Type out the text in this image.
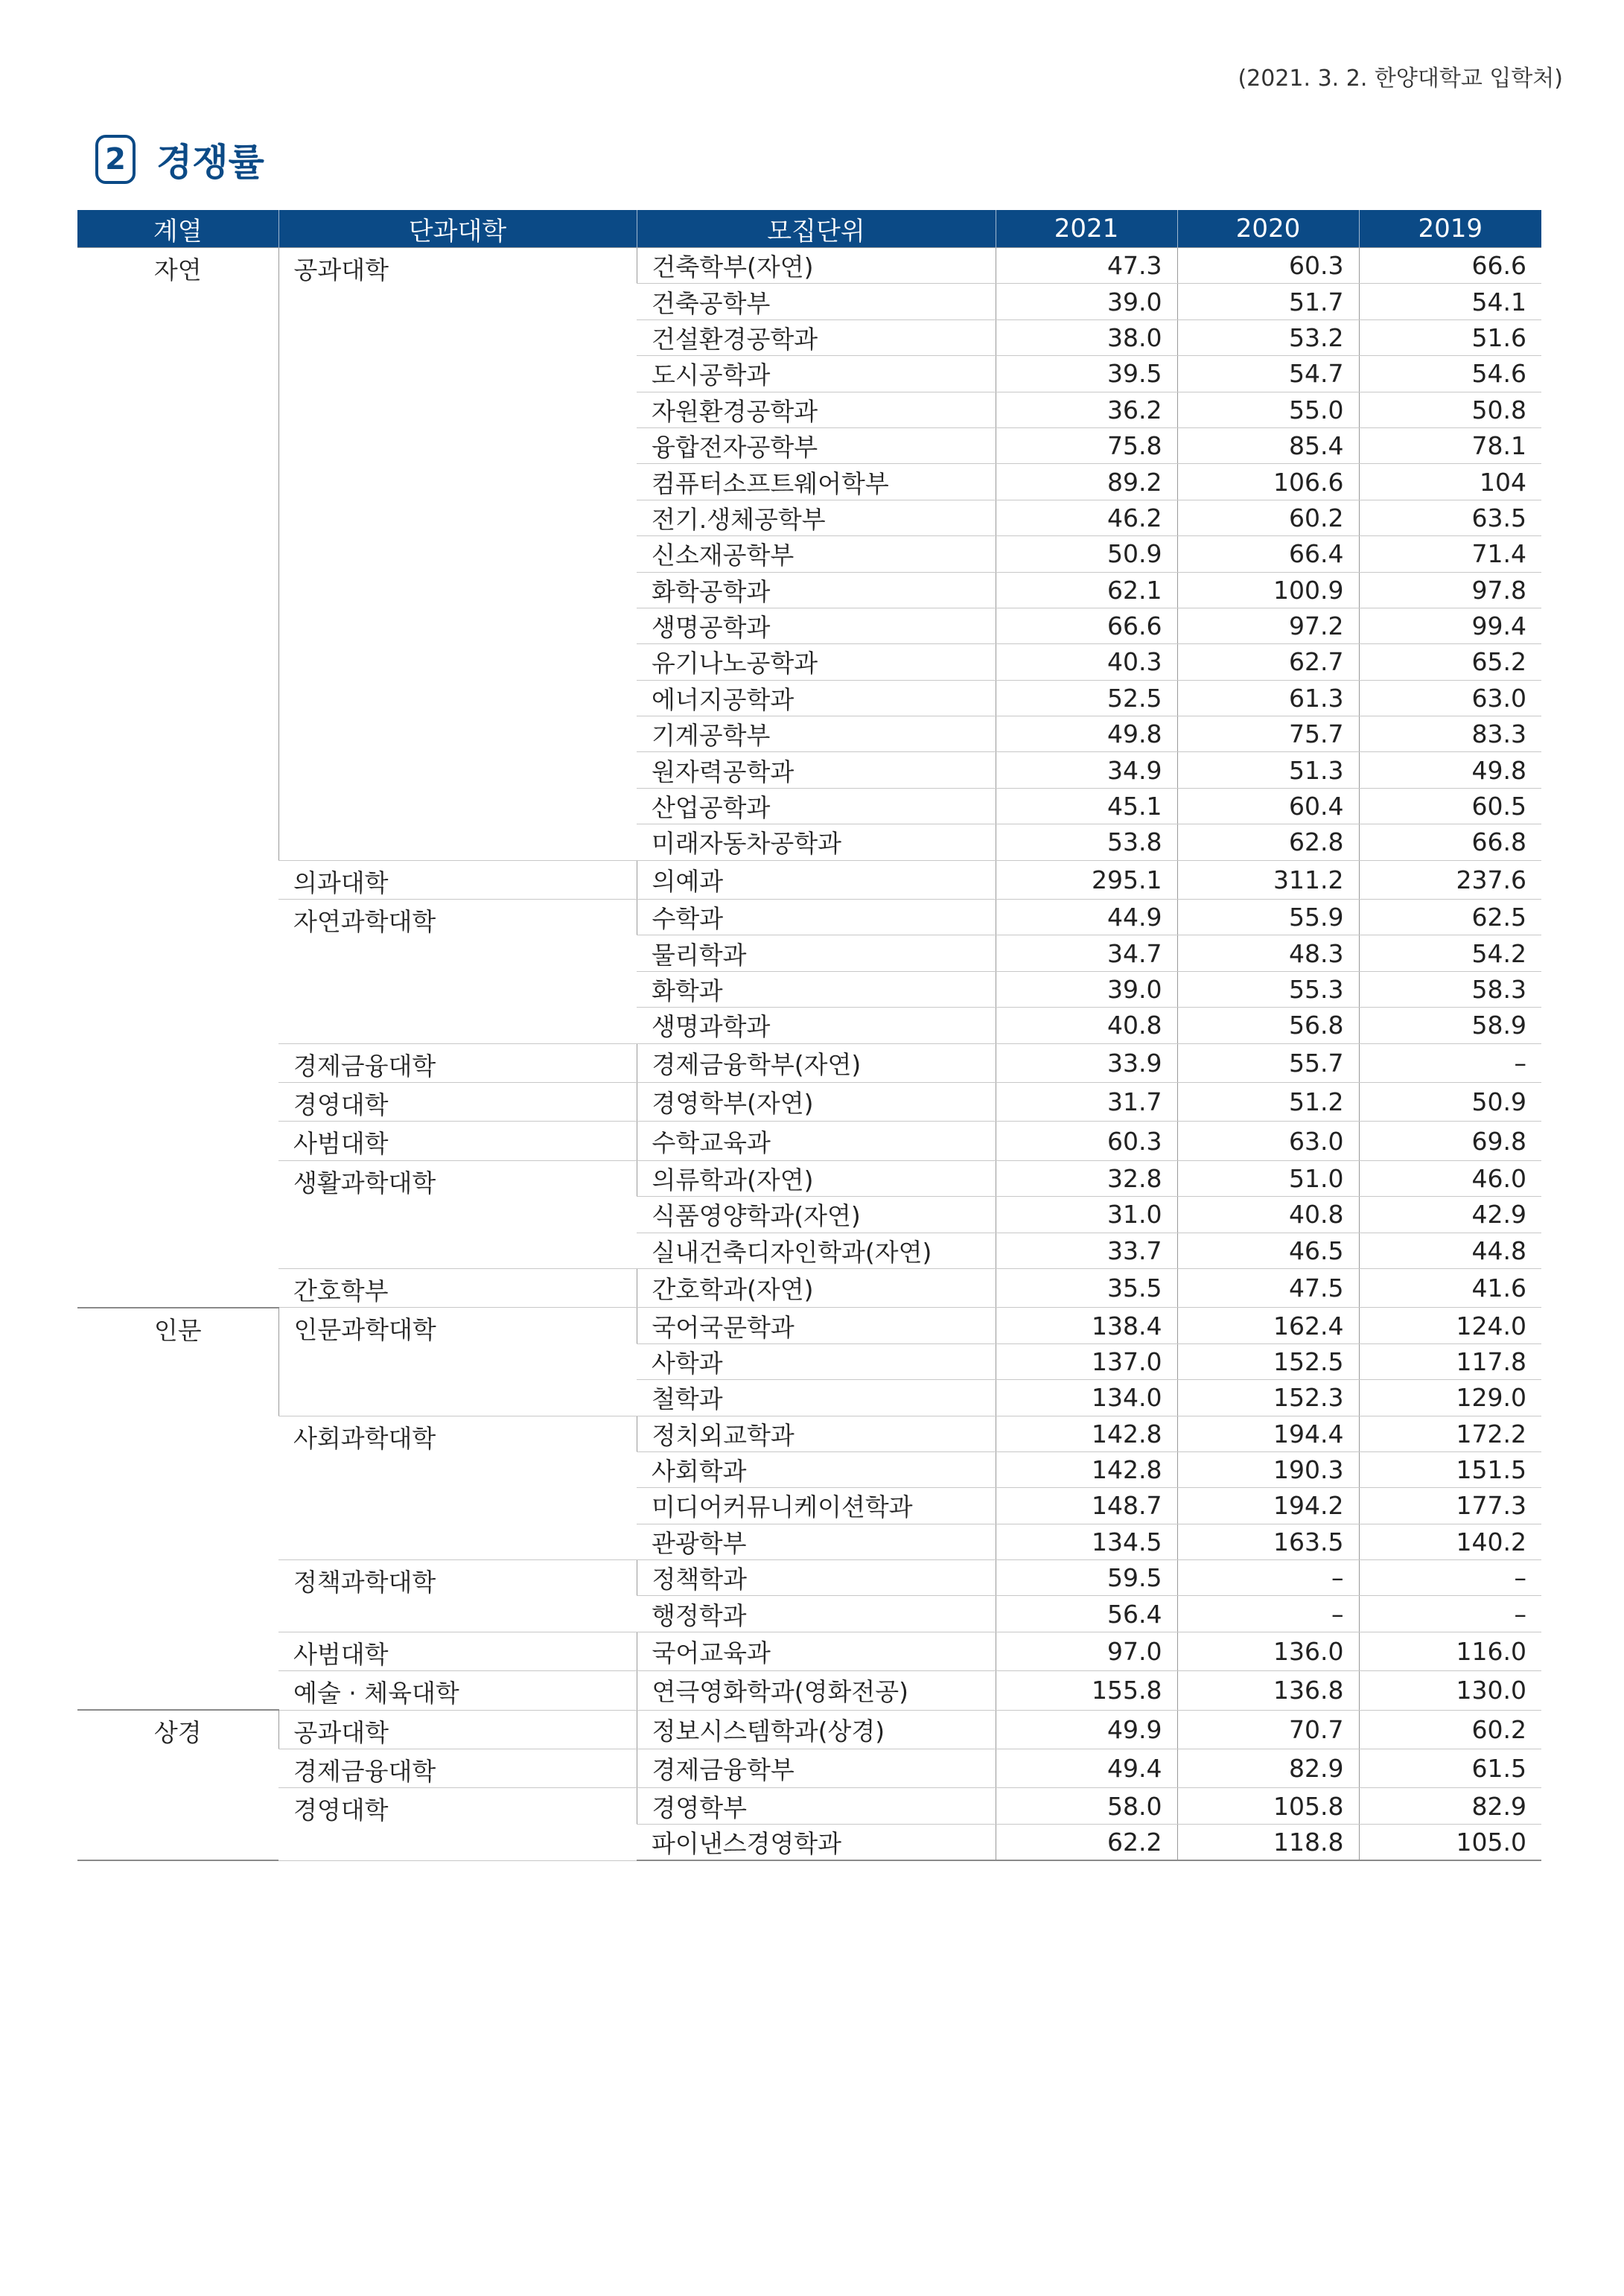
(2021. 3. 2. 한양대학교 입학처)
2 경쟁률
계열	단과대학	모집단위	2021	2020	2019
자연	공과대학	건축학부(자연)	47.3	60.3	66.6
		건축공학부	39.0	51.7	54.1
		건설환경공학과	38.0	53.2	51.6
		도시공학과	39.5	54.7	54.6
		자원환경공학과	36.2	55.0	50.8
		융합전자공학부	75.8	85.4	78.1
		컴퓨터소프트웨어학부	89.2	106.6	104
		전기.생체공학부	46.2	60.2	63.5
		신소재공학부	50.9	66.4	71.4
		화학공학과	62.1	100.9	97.8
		생명공학과	66.6	97.2	99.4
		유기나노공학과	40.3	62.7	65.2
		에너지공학과	52.5	61.3	63.0
		기계공학부	49.8	75.7	83.3
		원자력공학과	34.9	51.3	49.8
		산업공학과	45.1	60.4	60.5
		미래자동차공학과	53.8	62.8	66.8
	의과대학	의예과	295.1	311.2	237.6
	자연과학대학	수학과	44.9	55.9	62.5
		물리학과	34.7	48.3	54.2
		화학과	39.0	55.3	58.3
		생명과학과	40.8	56.8	58.9
	경제금융대학	경제금융학부(자연)	33.9	55.7	–
	경영대학	경영학부(자연)	31.7	51.2	50.9
	사범대학	수학교육과	60.3	63.0	69.8
	생활과학대학	의류학과(자연)	32.8	51.0	46.0
		식품영양학과(자연)	31.0	40.8	42.9
		실내건축디자인학과(자연)	33.7	46.5	44.8
	간호학부	간호학과(자연)	35.5	47.5	41.6
인문	인문과학대학	국어국문학과	138.4	162.4	124.0
		사학과	137.0	152.5	117.8
		철학과	134.0	152.3	129.0
	사회과학대학	정치외교학과	142.8	194.4	172.2
		사회학과	142.8	190.3	151.5
		미디어커뮤니케이션학과	148.7	194.2	177.3
		관광학부	134.5	163.5	140.2
	정책과학대학	정책학과	59.5	–	–
		행정학과	56.4	–	–
	사범대학	국어교육과	97.0	136.0	116.0
	예술 · 체육대학	연극영화학과(영화전공)	155.8	136.8	130.0
상경	공과대학	정보시스템학과(상경)	49.9	70.7	60.2
	경제금융대학	경제금융학부	49.4	82.9	61.5
	경영대학	경영학부	58.0	105.8	82.9
		파이낸스경영학과	62.2	118.8	105.0
